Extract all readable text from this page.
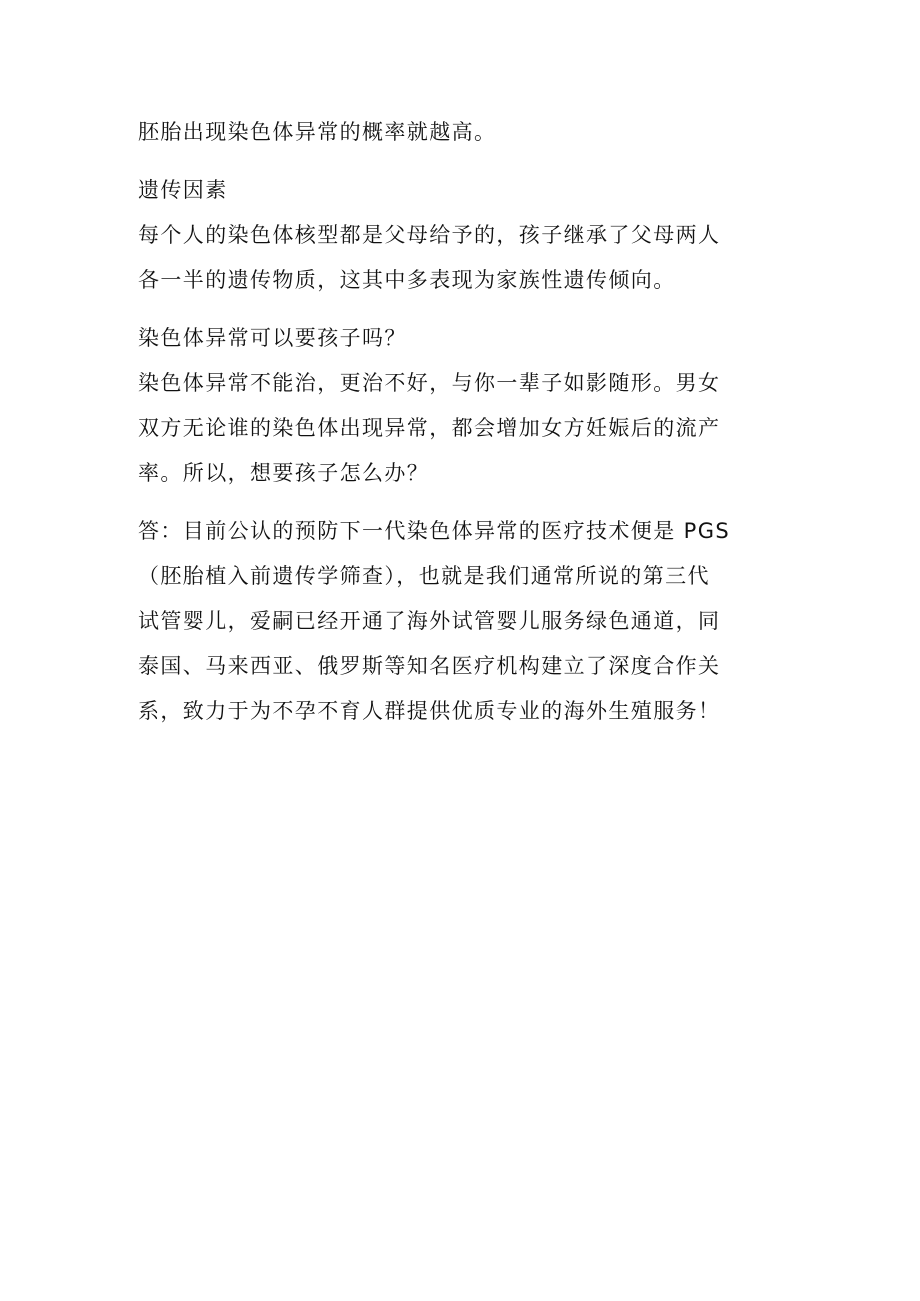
胚胎出现染色体异常的概率就越高。
遗传因素
每个人的染色体核型都是父母给予的，孩子继承了父母两人
各一半的遗传物质，这其中多表现为家族性遗传倾向。
染色体异常可以要孩子吗？
染色体异常不能治，更治不好，与你一辈子如影随形。男女
双方无论谁的染色体出现异常，都会增加女方妊娠后的流产
率。所以，想要孩子怎么办？
答：目前公认的预防下一代染色体异常的医疗技术便是 PGS
（胚胎植入前遗传学筛查），也就是我们通常所说的第三代
试管婴儿，爱嗣已经开通了海外试管婴儿服务绿色通道，同
泰国、马来西亚、俄罗斯等知名医疗机构建立了深度合作关
系，致力于为不孕不育人群提供优质专业的海外生殖服务！
